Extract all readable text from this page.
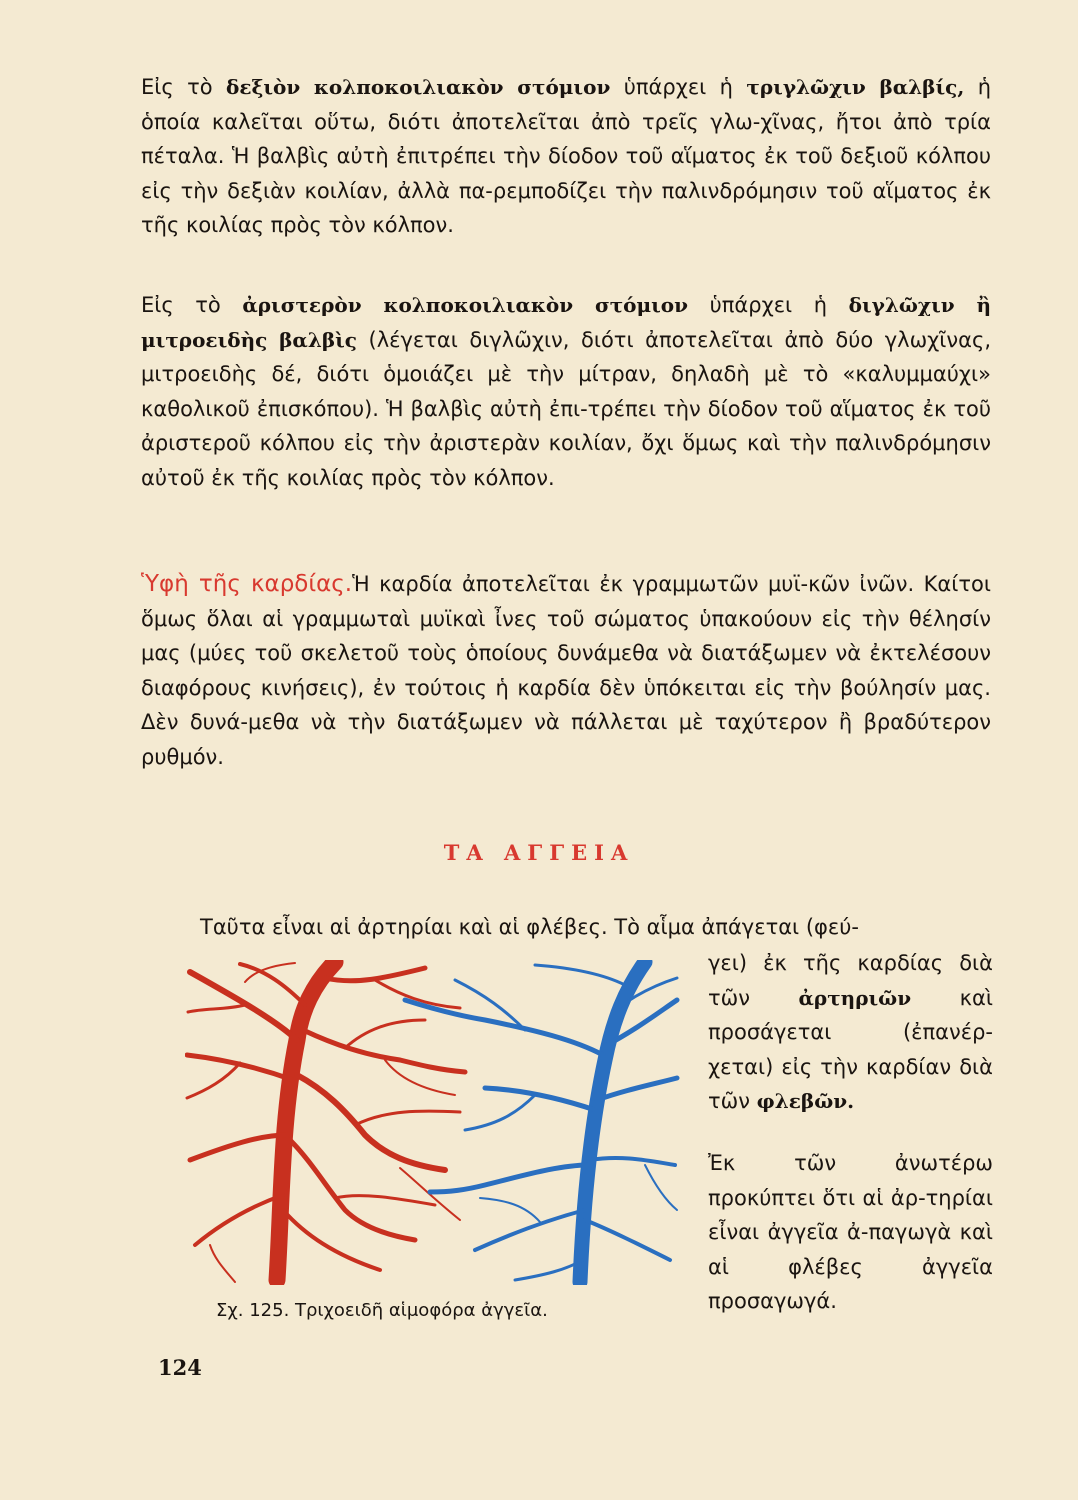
Εἰς τὸ δεξιὸν κολποκοιλιακὸν στόμιον ὑπάρχει ἡ τριγλῶχιν βαλβίς, ἡ ὁποία καλεῖται οὕτω, διότι ἀποτελεῖται ἀπὸ τρεῖς γλω-χῖνας, ἤτοι ἀπὸ τρία πέταλα. Ἡ βαλβὶς αὐτὴ ἐπιτρέπει τὴν δίοδον τοῦ αἵματος ἐκ τοῦ δεξιοῦ κόλπου εἰς τὴν δεξιὰν κοιλίαν, ἀλλὰ πα-ρεμποδίζει τὴν παλινδρόμησιν τοῦ αἵματος ἐκ τῆς κοιλίας πρὸς τὸν κόλπον.
Εἰς τὸ ἀριστερὸν κολποκοιλιακὸν στόμιον ὑπάρχει ἡ διγλῶχιν ἢ μιτροειδὴς βαλβὶς (λέγεται διγλῶχιν, διότι ἀποτελεῖται ἀπὸ δύο γλωχῖνας, μιτροειδὴς δέ, διότι ὁμοιάζει μὲ τὴν μίτραν, δηλαδὴ μὲ τὸ «καλυμμαύχι» καθολικοῦ ἐπισκόπου). Ἡ βαλβὶς αὐτὴ ἐπι-τρέπει τὴν δίοδον τοῦ αἵματος ἐκ τοῦ ἀριστεροῦ κόλπου εἰς τὴν ἀριστερὰν κοιλίαν, ὄχι ὅμως καὶ τὴν παλινδρόμησιν αὐτοῦ ἐκ τῆς κοιλίας πρὸς τὸν κόλπον.
Ὑφὴ τῆς καρδίας.Ἡ καρδία ἀποτελεῖται ἐκ γραμμωτῶν μυϊ-κῶν ἰνῶν. Καίτοι ὅμως ὅλαι αἱ γραμμωταὶ μυϊκαὶ ἶνες τοῦ σώματος ὑπακούουν εἰς τὴν θέλησίν μας (μύες τοῦ σκελετοῦ τοὺς ὁποίους δυνάμεθα νὰ διατάξωμεν νὰ ἐκτελέσουν διαφόρους κινήσεις), ἐν τούτοις ἡ καρδία δὲν ὑπόκειται εἰς τὴν βούλησίν μας. Δὲν δυνά-μεθα νὰ τὴν διατάξωμεν νὰ πάλλεται μὲ ταχύτερον ἢ βραδύτερον ρυθμόν.
ΤΑ ΑΓΓΕΙΑ
Ταῦτα εἶναι αἱ ἀρτηρίαι καὶ αἱ φλέβες. Τὸ αἷμα ἀπάγεται (φεύ-
γει) ἐκ τῆς καρδίας διὰ τῶν ἀρτηριῶν καὶ προσάγεται (ἐπανέρ-χεται) εἰς τὴν καρδίαν διὰ τῶν φλεβῶν.
Ἐκ τῶν ἀνωτέρω προκύπτει ὅτι αἱ ἀρ-τηρίαι εἶναι ἀγγεῖα ἀ-παγωγὰ καὶ αἱ φλέβες ἀγγεῖα προσαγωγά.
Σχ. 125. Τριχοειδῆ αἱμοφόρα ἀγγεῖα.
124
